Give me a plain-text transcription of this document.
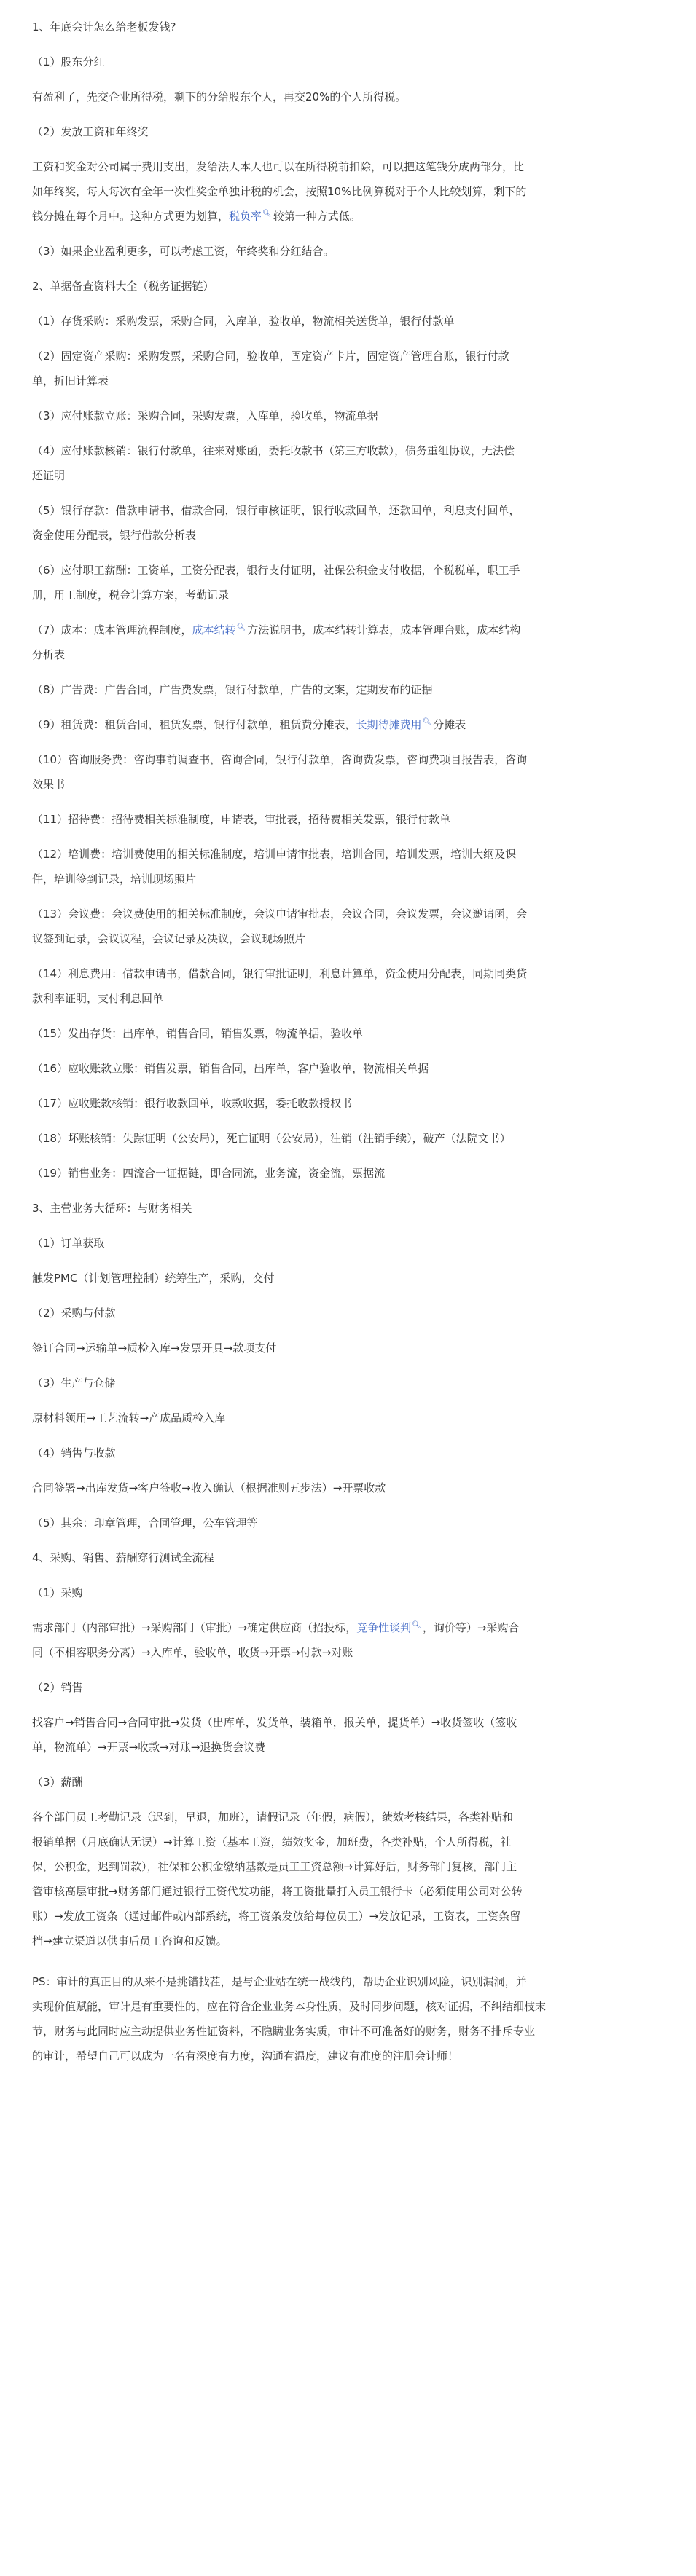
1、年底会计怎么给老板发钱?

（1）股东分红

有盈利了，先交企业所得税，剩下的分给股东个人，再交20%的个人所得税。

（2）发放工资和年终奖

工资和奖金对公司属于费用支出，发给法人本人也可以在所得税前扣除，可以把这笔钱分成两部分，比

如年终奖，每人每次有全年一次性奖金单独计税的机会，按照10%比例算税对于个人比较划算，剩下的

钱分摊在每个月中。这种方式更为划算，税负率🔍︎ 较第一种方式低。

（3）如果企业盈利更多，可以考虑工资，年终奖和分红结合。

2、单据备查资料大全（税务证据链）

（1）存货采购：采购发票，采购合同，入库单，验收单，物流相关送货单，银行付款单

（2）固定资产采购：采购发票，采购合同，验收单，固定资产卡片，固定资产管理台账，银行付款

单，折旧计算表

（3）应付账款立账：采购合同，采购发票，入库单，验收单，物流单据

（4）应付账款核销：银行付款单，往来对账函，委托收款书（第三方收款），债务重组协议，无法偿

还证明

（5）银行存款：借款申请书，借款合同，银行审核证明，银行收款回单，还款回单，利息支付回单，

资金使用分配表，银行借款分析表

（6）应付职工薪酬：工资单，工资分配表，银行支付证明，社保公积金支付收据，个税税单，职工手

册，用工制度，税金计算方案，考勤记录

（7）成本：成本管理流程制度，成本结转🔍︎ 方法说明书，成本结转计算表，成本管理台账，成本结构

分析表

（8）广告费：广告合同，广告费发票，银行付款单，广告的文案，定期发布的证据

（9）租赁费：租赁合同，租赁发票，银行付款单，租赁费分摊表，长期待摊费用🔍︎ 分摊表

（10）咨询服务费：咨询事前调查书，咨询合同，银行付款单，咨询费发票，咨询费项目报告表，咨询

效果书

（11）招待费：招待费相关标准制度，申请表，审批表，招待费相关发票，银行付款单

（12）培训费：培训费使用的相关标准制度，培训申请审批表，培训合同，培训发票，培训大纲及课

件，培训签到记录，培训现场照片

（13）会议费：会议费使用的相关标准制度，会议申请审批表，会议合同，会议发票，会议邀请函，会

议签到记录，会议议程，会议记录及决议，会议现场照片

（14）利息费用：借款申请书，借款合同，银行审批证明，利息计算单，资金使用分配表，同期同类贷

款利率证明，支付利息回单

（15）发出存货：出库单，销售合同，销售发票，物流单据，验收单

（16）应收账款立账：销售发票，销售合同，出库单，客户验收单，物流相关单据

（17）应收账款核销：银行收款回单，收款收据，委托收款授权书

（18）坏账核销：失踪证明（公安局），死亡证明（公安局），注销（注销手续），破产（法院文书）

（19）销售业务：四流合一证据链，即合同流，业务流，资金流，票据流

3、主营业务大循环：与财务相关

（1）订单获取

触发PMC（计划管理控制）统筹生产，采购，交付

（2）采购与付款

签订合同→运输单→质检入库→发票开具→款项支付

（3）生产与仓储

原材料领用→工艺流转→产成品质检入库

（4）销售与收款

合同签署→出库发货→客户签收→收入确认（根据准则五步法）→开票收款

（5）其余：印章管理，合同管理，公车管理等

4、采购、销售、薪酬穿行测试全流程

（1）采购

需求部门（内部审批）→采购部门（审批）→确定供应商（招投标，竞争性谈判🔍︎ ，询价等）→采购合

同（不相容职务分离）→入库单，验收单，收货→开票→付款→对账

（2）销售

找客户→销售合同→合同审批→发货（出库单，发货单，装箱单，报关单，提货单）→收货签收（签收

单，物流单）→开票→收款→对账→退换货会议费

（3）薪酬

各个部门员工考勤记录（迟到，早退，加班），请假记录（年假，病假），绩效考核结果，各类补贴和

报销单据（月底确认无误）→计算工资（基本工资，绩效奖金，加班费，各类补贴，个人所得税，社

保，公积金，迟到罚款），社保和公积金缴纳基数是员工工资总额→计算好后，财务部门复核，部门主

管审核高层审批→财务部门通过银行工资代发功能，将工资批量打入员工银行卡（必须使用公司对公转

账）→发放工资条（通过邮件或内部系统，将工资条发放给每位员工）→发放记录，工资表，工资条留

档→建立渠道以供事后员工咨询和反馈。

PS：审计的真正目的从来不是挑错找茬，是与企业站在统一战线的，帮助企业识别风险，识别漏洞，并

实现价值赋能，审计是有重要性的，应在符合企业业务本身性质，及时同步问题，核对证据，不纠结细枝末

节，财务与此同时应主动提供业务性证资料，不隐瞒业务实质，审计不可准备好的财务，财务不排斥专业

的审计，希望自己可以成为一名有深度有力度，沟通有温度，建议有准度的注册会计师！
